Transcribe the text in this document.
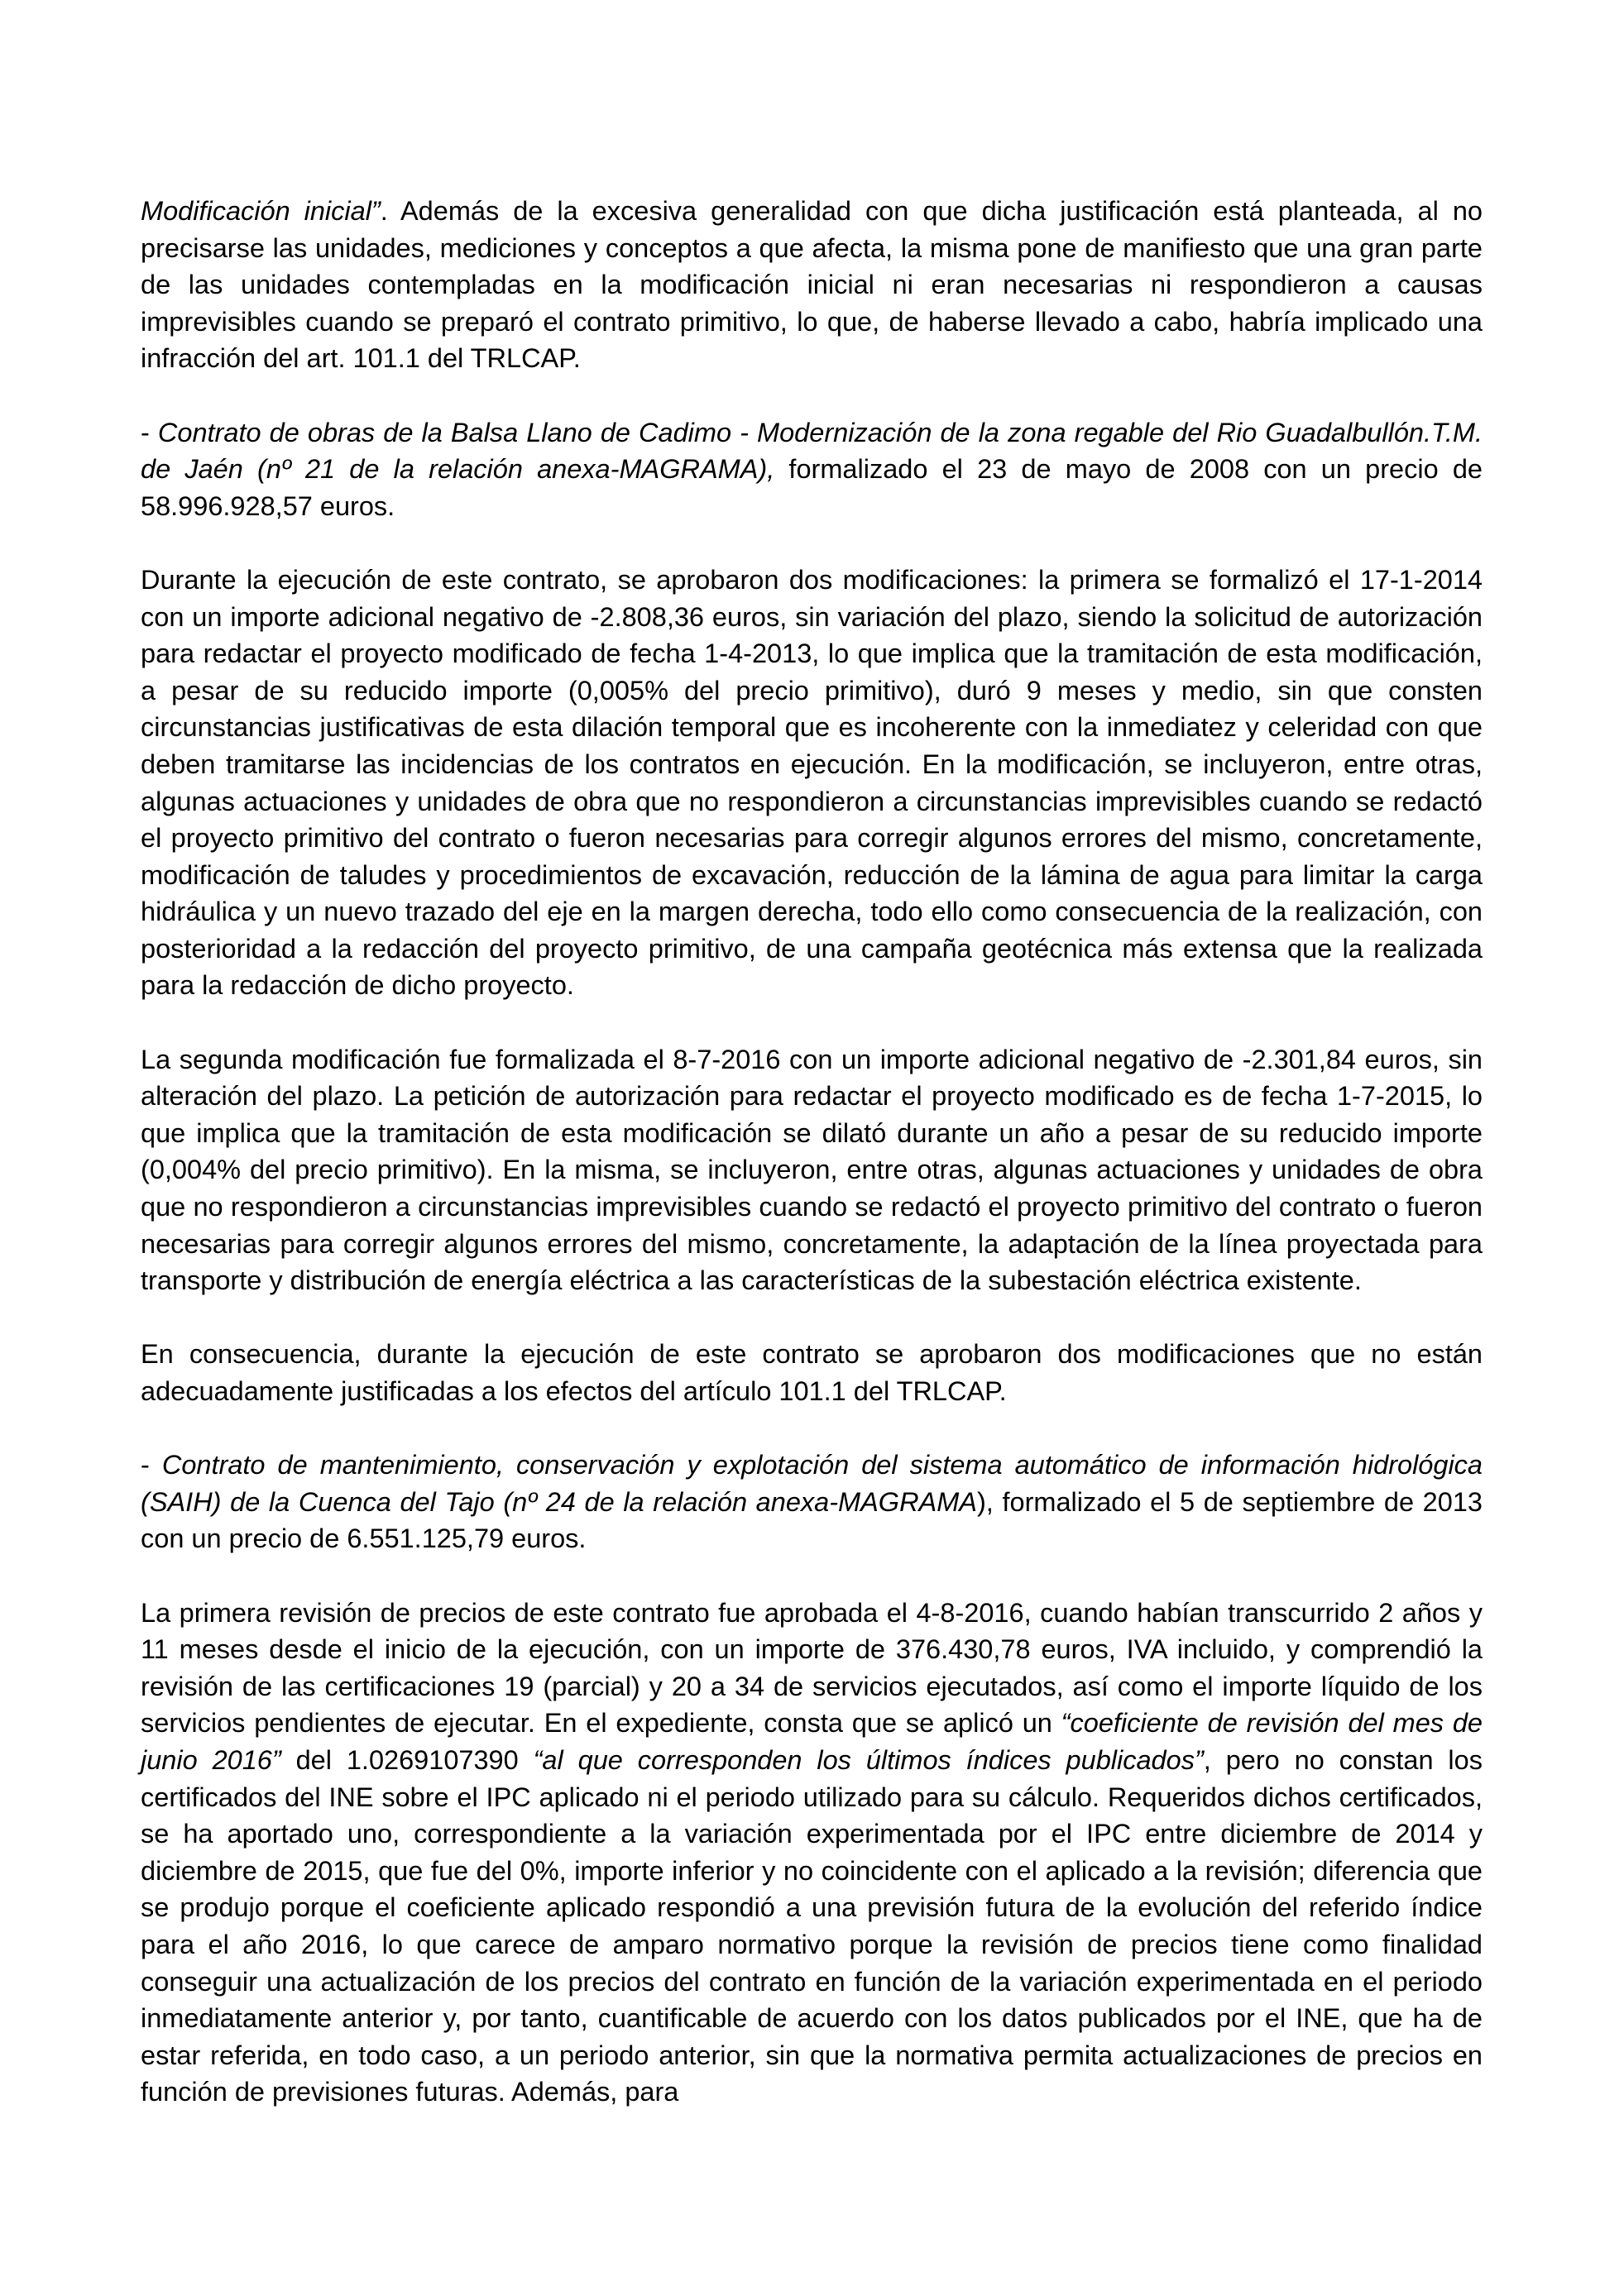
Modificación inicial”. Además de la excesiva generalidad con que dicha justificación está planteada, al no precisarse las unidades, mediciones y conceptos a que afecta, la misma pone de manifiesto que una gran parte de las unidades contempladas en la modificación inicial ni eran necesarias ni respondieron a causas imprevisibles cuando se preparó el contrato primitivo, lo que, de haberse llevado a cabo, habría implicado una infracción del art. 101.1 del TRLCAP.

- Contrato de obras de la Balsa Llano de Cadimo - Modernización de la zona regable del Rio Guadalbullón.T.M. de Jaén (nº 21 de la relación anexa-MAGRAMA), formalizado el 23 de mayo de 2008 con un precio de 58.996.928,57 euros.

Durante la ejecución de este contrato, se aprobaron dos modificaciones: la primera se formalizó el 17-1-2014 con un importe adicional negativo de -2.808,36 euros, sin variación del plazo, siendo la solicitud de autorización para redactar el proyecto modificado de fecha 1-4-2013, lo que implica que la tramitación de esta modificación, a pesar de su reducido importe (0,005% del precio primitivo), duró 9 meses y medio, sin que consten circunstancias justificativas de esta dilación temporal que es incoherente con la inmediatez y celeridad con que deben tramitarse las incidencias de los contratos en ejecución. En la modificación, se incluyeron, entre otras, algunas actuaciones y unidades de obra que no respondieron a circunstancias imprevisibles cuando se redactó el proyecto primitivo del contrato o fueron necesarias para corregir algunos errores del mismo, concretamente, modificación de taludes y procedimientos de excavación, reducción de la lámina de agua para limitar la carga hidráulica y un nuevo trazado del eje en la margen derecha, todo ello como consecuencia de la realización, con posterioridad a la redacción del proyecto primitivo, de una campaña geotécnica más extensa que la realizada para la redacción de dicho proyecto.

La segunda modificación fue formalizada el 8-7-2016 con un importe adicional negativo de -2.301,84 euros, sin alteración del plazo. La petición de autorización para redactar el proyecto modificado es de fecha 1-7-2015, lo que implica que la tramitación de esta modificación se dilató durante un año a pesar de su reducido importe (0,004% del precio primitivo). En la misma, se incluyeron, entre otras, algunas actuaciones y unidades de obra que no respondieron a circunstancias imprevisibles cuando se redactó el proyecto primitivo del contrato o fueron necesarias para corregir algunos errores del mismo, concretamente, la adaptación de la línea proyectada para transporte y distribución de energía eléctrica a las características de la subestación eléctrica existente.

En consecuencia, durante la ejecución de este contrato se aprobaron dos modificaciones que no están adecuadamente justificadas a los efectos del artículo 101.1 del TRLCAP.

- Contrato de mantenimiento, conservación y explotación del sistema automático de información hidrológica (SAIH) de la Cuenca del Tajo (nº 24 de la relación anexa-MAGRAMA), formalizado el 5 de septiembre de 2013 con un precio de 6.551.125,79 euros.

La primera revisión de precios de este contrato fue aprobada el 4-8-2016, cuando habían transcurrido 2 años y 11 meses desde el inicio de la ejecución, con un importe de 376.430,78 euros, IVA incluido, y comprendió la revisión de las certificaciones 19 (parcial) y 20 a 34 de servicios ejecutados, así como el importe líquido de los servicios pendientes de ejecutar. En el expediente, consta que se aplicó un “coeficiente de revisión del mes de junio 2016” del 1.0269107390 “al que corresponden los últimos índices publicados”, pero no constan los certificados del INE sobre el IPC aplicado ni el periodo utilizado para su cálculo. Requeridos dichos certificados, se ha aportado uno, correspondiente a la variación experimentada por el IPC entre diciembre de 2014 y diciembre de 2015, que fue del 0%, importe inferior y no coincidente con el aplicado a la revisión; diferencia que se produjo porque el coeficiente aplicado respondió a una previsión futura de la evolución del referido índice para el año 2016, lo que carece de amparo normativo porque la revisión de precios tiene como finalidad conseguir una actualización de los precios del contrato en función de la variación experimentada en el periodo inmediatamente anterior y, por tanto, cuantificable de acuerdo con los datos publicados por el INE, que ha de estar referida, en todo caso, a un periodo anterior, sin que la normativa permita actualizaciones de precios en función de previsiones futuras. Además, para
